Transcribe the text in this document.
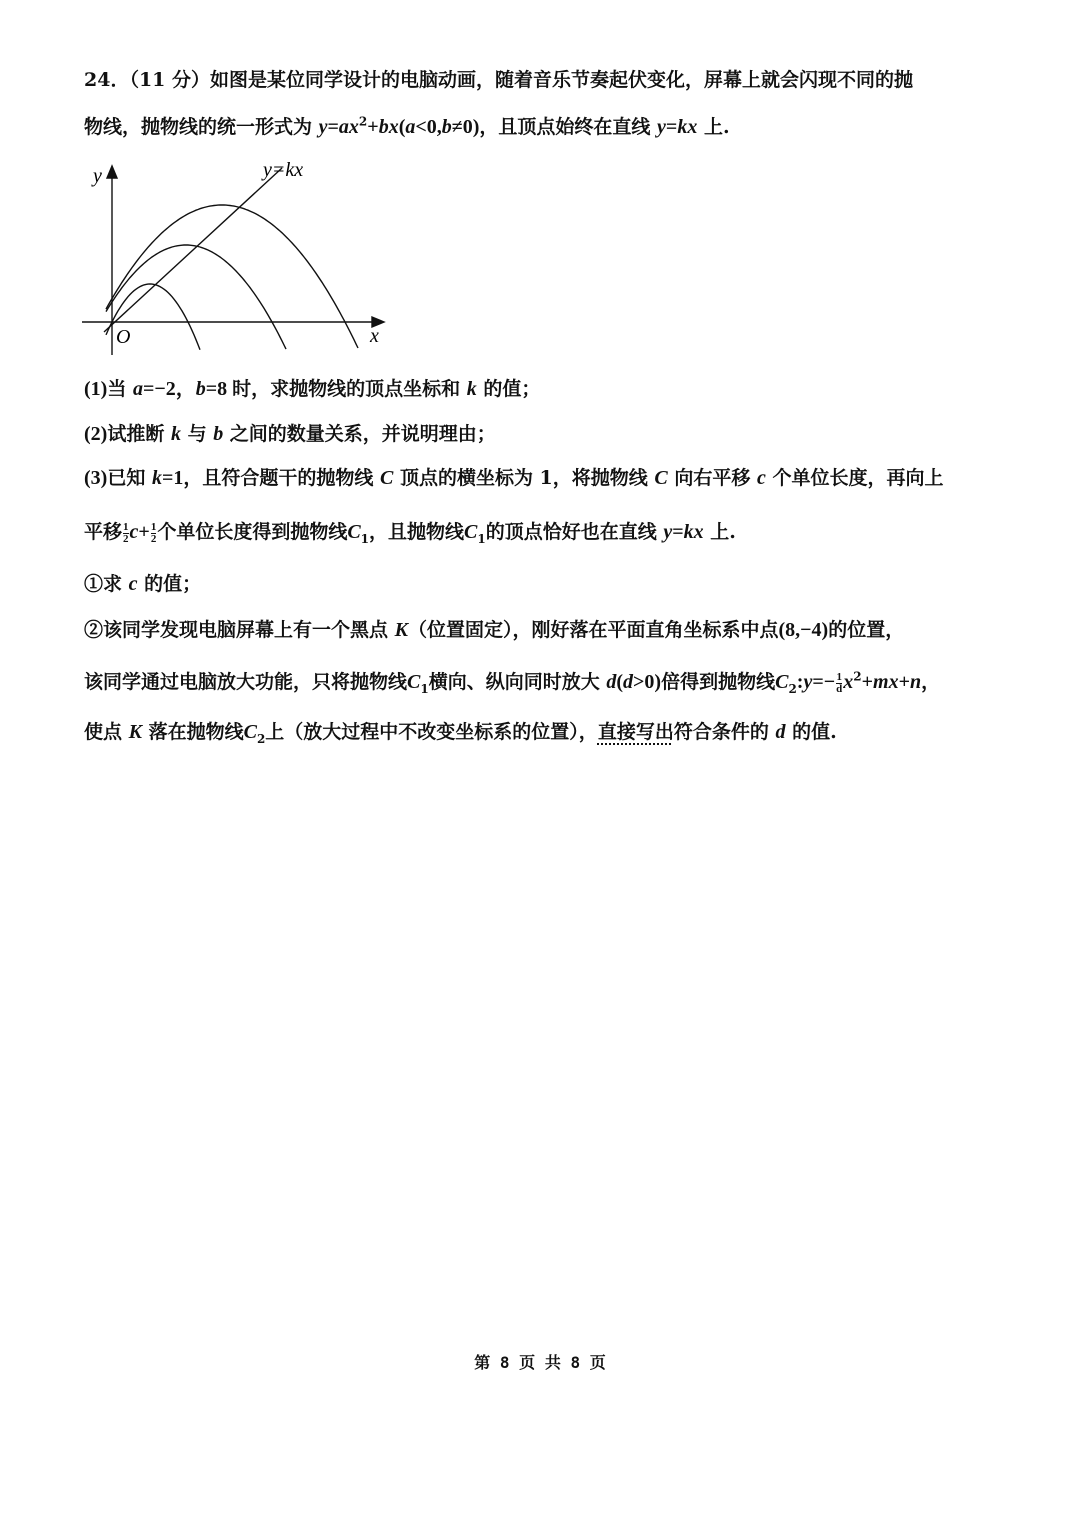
y	y=kx
O	x
24．（11 分）如图是某位同学设计的电脑动画，随着音乐节奏起伏变化，屏幕上就会闪现不同的抛
物线，抛物线的统一形式为 $y=ax^2+bx(a<0,b\ne 0)$，且顶点始终在直线 y=kx 上.
(1)当 a=−2，b=8 时，求抛物线的顶点坐标和 k 的值；
(2)试推断 k 与 b 之间的数量关系，并说明理由；
(3)已知 k=1，且符合题干的抛物线 C 顶点的横坐标为 1，将抛物线 C 向右平移 c 个单位长度，再向上
平移 $\frac{1}{2} c+ \frac{1}{2}$ 个单位长度得到抛物线$C_1$，且抛物线$C_1$的顶点恰好也在直线 y=kx 上.
①求 c 的值；
②该同学发现电脑屏幕上有一个黑点 K（位置固定），刚好落在平面直角坐标系中点(8,−4)的位置，
该同学通过电脑放大功能，只将抛物线$C_1$横向、纵向同时放大 d(d>0)倍得到抛物线$C_2:y=- \frac{1}{d} x^2+mx+n$，
使点 K 落在抛物线$C_2$上（放大过程中不改变坐标系的位置），直接写出符合条件的 d 的值.
第 8 页 共 8 页
